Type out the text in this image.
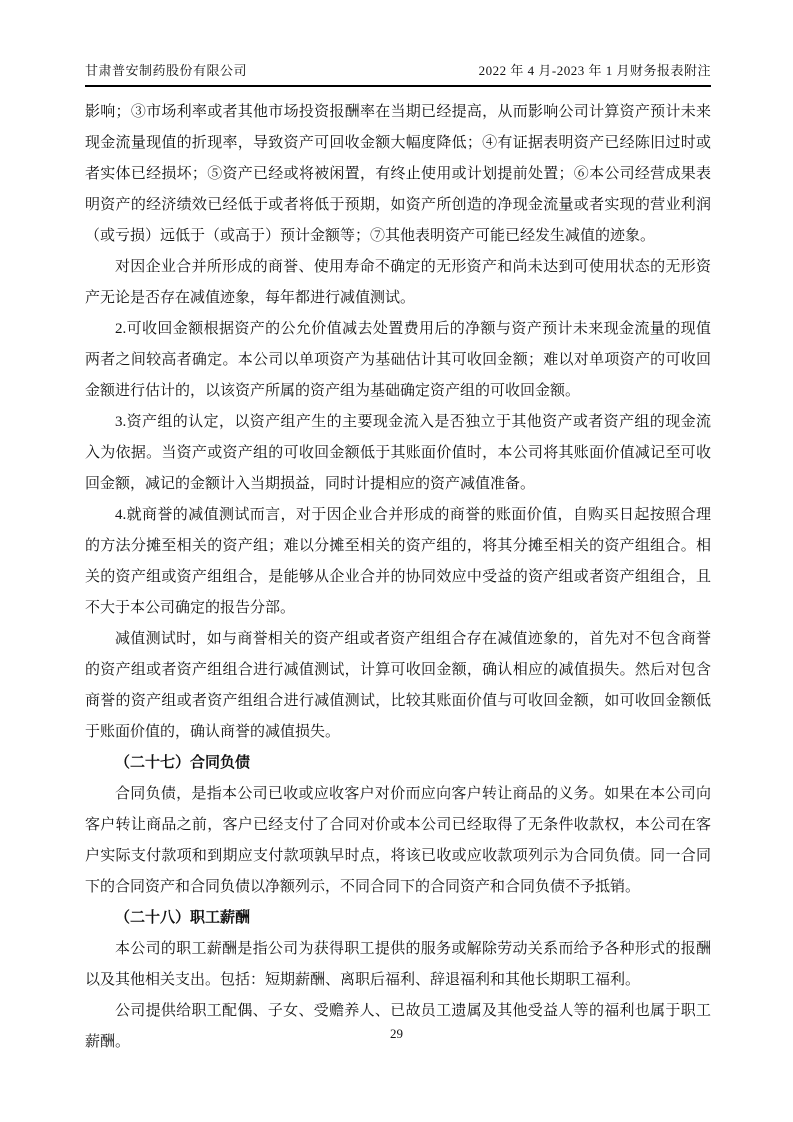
甘肃普安制药股份有限公司	2022 年 4 月-2023 年 1 月财务报表附注

影响；③市场利率或者其他市场投资报酬率在当期已经提高，从而影响公司计算资产预计未来现金流量现值的折现率，导致资产可回收金额大幅度降低；④有证据表明资产已经陈旧过时或者实体已经损坏；⑤资产已经或将被闲置，有终止使用或计划提前处置；⑥本公司经营成果表明资产的经济绩效已经低于或者将低于预期，如资产所创造的净现金流量或者实现的营业利润（或亏损）远低于（或高于）预计金额等；⑦其他表明资产可能已经发生减值的迹象。

对因企业合并所形成的商誉、使用寿命不确定的无形资产和尚未达到可使用状态的无形资产无论是否存在减值迹象，每年都进行减值测试。

2.可收回金额根据资产的公允价值减去处置费用后的净额与资产预计未来现金流量的现值两者之间较高者确定。本公司以单项资产为基础估计其可收回金额；难以对单项资产的可收回金额进行估计的，以该资产所属的资产组为基础确定资产组的可收回金额。

3.资产组的认定，以资产组产生的主要现金流入是否独立于其他资产或者资产组的现金流入为依据。当资产或资产组的可收回金额低于其账面价值时，本公司将其账面价值减记至可收回金额，减记的金额计入当期损益，同时计提相应的资产减值准备。

4.就商誉的减值测试而言，对于因企业合并形成的商誉的账面价值，自购买日起按照合理的方法分摊至相关的资产组；难以分摊至相关的资产组的，将其分摊至相关的资产组组合。相关的资产组或资产组组合，是能够从企业合并的协同效应中受益的资产组或者资产组组合，且不大于本公司确定的报告分部。

减值测试时，如与商誉相关的资产组或者资产组组合存在减值迹象的，首先对不包含商誉的资产组或者资产组组合进行减值测试，计算可收回金额，确认相应的减值损失。然后对包含商誉的资产组或者资产组组合进行减值测试，比较其账面价值与可收回金额，如可收回金额低于账面价值的，确认商誉的减值损失。

（二十七）合同负债

合同负债，是指本公司已收或应收客户对价而应向客户转让商品的义务。如果在本公司向客户转让商品之前，客户已经支付了合同对价或本公司已经取得了无条件收款权，本公司在客户实际支付款项和到期应支付款项孰早时点，将该已收或应收款项列示为合同负债。同一合同下的合同资产和合同负债以净额列示，不同合同下的合同资产和合同负债不予抵销。

（二十八）职工薪酬

本公司的职工薪酬是指公司为获得职工提供的服务或解除劳动关系而给予各种形式的报酬以及其他相关支出。包括：短期薪酬、离职后福利、辞退福利和其他长期职工福利。

公司提供给职工配偶、子女、受赡养人、已故员工遗属及其他受益人等的福利也属于职工薪酬。

29
